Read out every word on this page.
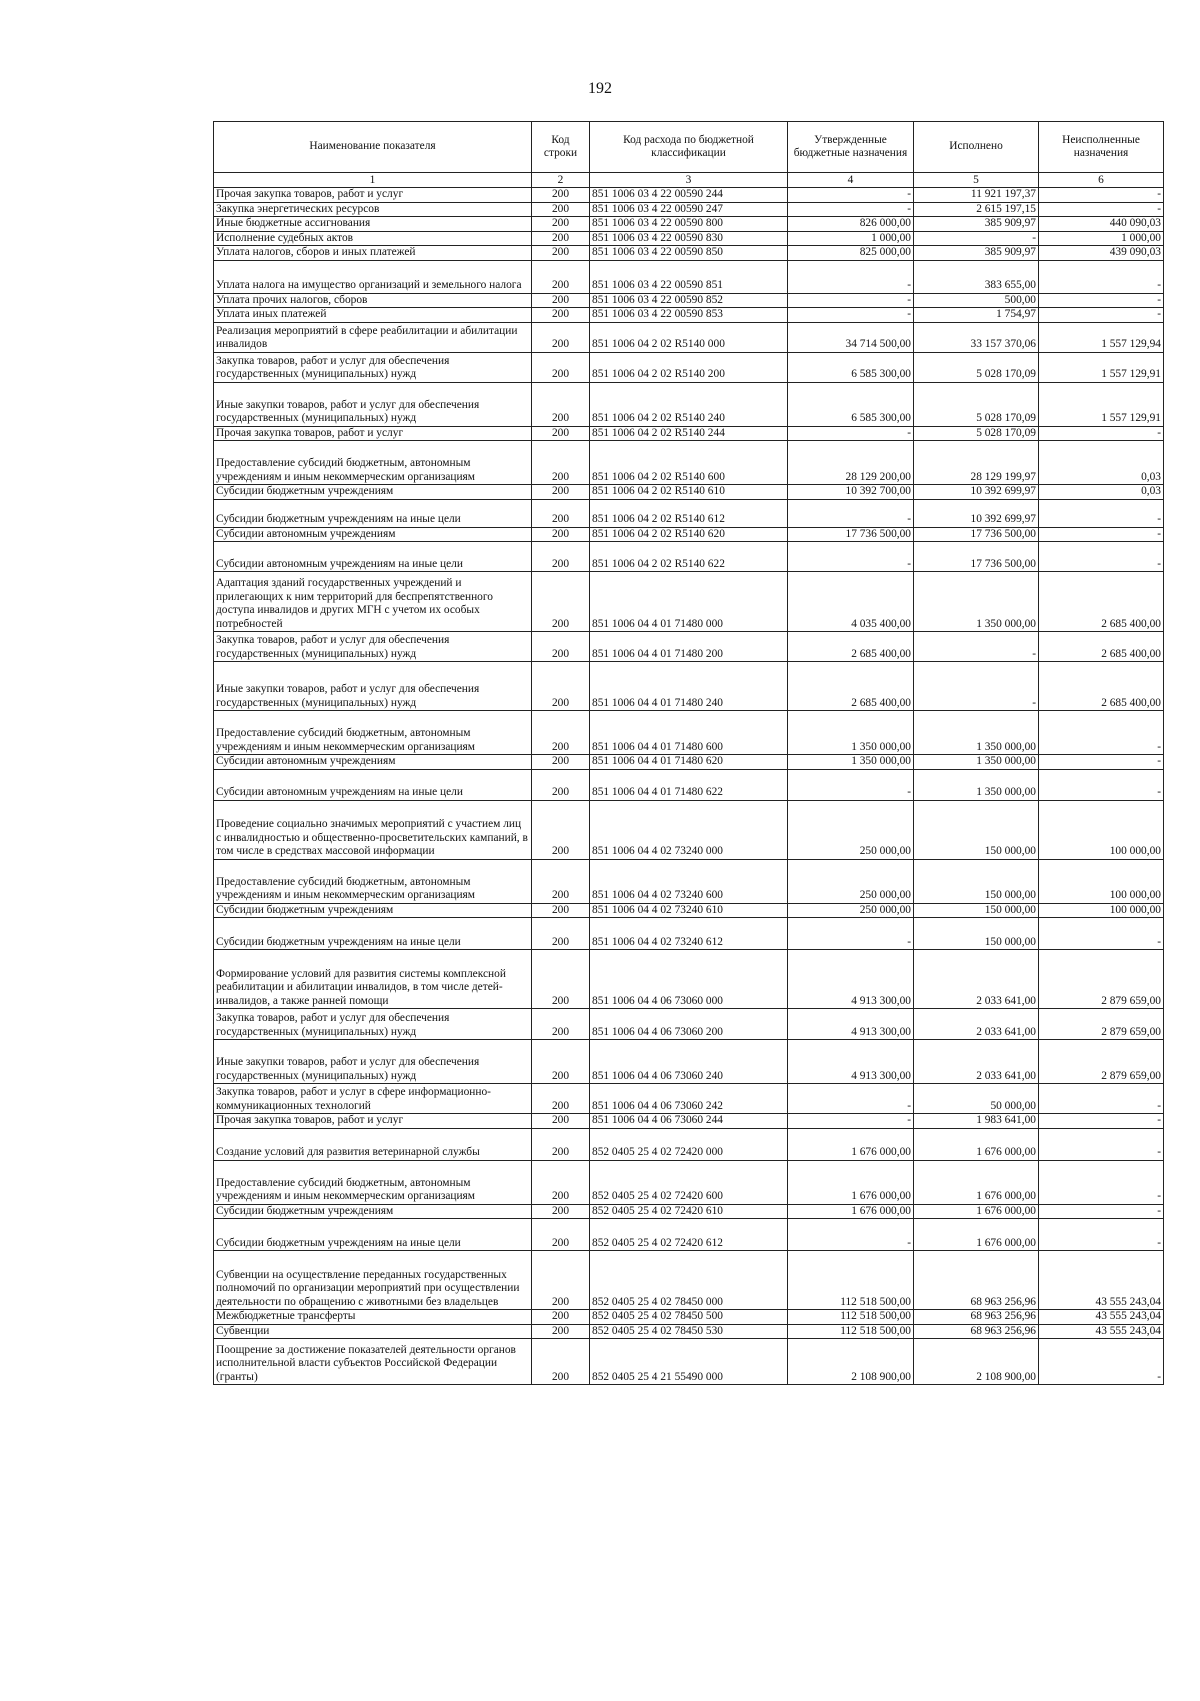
192
Наименование показателя	Код строки	Код расхода по бюджетной классификации	Утвержденные бюджетные назначения	Исполнено	Неисполненные назначения
1	2	3	4	5	6
Прочая закупка товаров, работ и услуг	200	851 1006 03 4 22 00590 244	-	11 921 197,37	-
Закупка энергетических ресурсов	200	851 1006 03 4 22 00590 247	-	2 615 197,15	-
Иные бюджетные ассигнования	200	851 1006 03 4 22 00590 800	826 000,00	385 909,97	440 090,03
Исполнение судебных актов	200	851 1006 03 4 22 00590 830	1 000,00	-	1 000,00
Уплата налогов, сборов и иных платежей	200	851 1006 03 4 22 00590 850	825 000,00	385 909,97	439 090,03
Уплата налога на имущество организаций и земельного налога	200	851 1006 03 4 22 00590 851	-	383 655,00	-
Уплата прочих налогов, сборов	200	851 1006 03 4 22 00590 852	-	500,00	-
Уплата иных платежей	200	851 1006 03 4 22 00590 853	-	1 754,97	-
Реализация мероприятий в сфере реабилитации и абилитации инвалидов	200	851 1006 04 2 02 R5140 000	34 714 500,00	33 157 370,06	1 557 129,94
Закупка товаров, работ и услуг для обеспечения государственных (муниципальных) нужд	200	851 1006 04 2 02 R5140 200	6 585 300,00	5 028 170,09	1 557 129,91
Иные закупки товаров, работ и услуг для обеспечения государственных (муниципальных) нужд	200	851 1006 04 2 02 R5140 240	6 585 300,00	5 028 170,09	1 557 129,91
Прочая закупка товаров, работ и услуг	200	851 1006 04 2 02 R5140 244	-	5 028 170,09	-
Предоставление субсидий бюджетным, автономным учреждениям и иным некоммерческим организациям	200	851 1006 04 2 02 R5140 600	28 129 200,00	28 129 199,97	0,03
Субсидии бюджетным учреждениям	200	851 1006 04 2 02 R5140 610	10 392 700,00	10 392 699,97	0,03
Субсидии бюджетным учреждениям на иные цели	200	851 1006 04 2 02 R5140 612	-	10 392 699,97	-
Субсидии автономным учреждениям	200	851 1006 04 2 02 R5140 620	17 736 500,00	17 736 500,00	-
Субсидии автономным учреждениям на иные цели	200	851 1006 04 2 02 R5140 622	-	17 736 500,00	-
Адаптация зданий государственных учреждений и прилегающих к ним территорий для беспрепятственного доступа инвалидов и других МГН с учетом их особых потребностей	200	851 1006 04 4 01 71480 000	4 035 400,00	1 350 000,00	2 685 400,00
Закупка товаров, работ и услуг для обеспечения государственных (муниципальных) нужд	200	851 1006 04 4 01 71480 200	2 685 400,00	-	2 685 400,00
Иные закупки товаров, работ и услуг для обеспечения государственных (муниципальных) нужд	200	851 1006 04 4 01 71480 240	2 685 400,00	-	2 685 400,00
Предоставление субсидий бюджетным, автономным учреждениям и иным некоммерческим организациям	200	851 1006 04 4 01 71480 600	1 350 000,00	1 350 000,00	-
Субсидии автономным учреждениям	200	851 1006 04 4 01 71480 620	1 350 000,00	1 350 000,00	-
Субсидии автономным учреждениям на иные цели	200	851 1006 04 4 01 71480 622	-	1 350 000,00	-
Проведение социально значимых мероприятий с участием лиц с инвалидностью и общественно-просветительских кампаний, в том числе в средствах массовой информации	200	851 1006 04 4 02 73240 000	250 000,00	150 000,00	100 000,00
Предоставление субсидий бюджетным, автономным учреждениям и иным некоммерческим организациям	200	851 1006 04 4 02 73240 600	250 000,00	150 000,00	100 000,00
Субсидии бюджетным учреждениям	200	851 1006 04 4 02 73240 610	250 000,00	150 000,00	100 000,00
Субсидии бюджетным учреждениям на иные цели	200	851 1006 04 4 02 73240 612	-	150 000,00	-
Формирование условий для развития системы комплексной реабилитации и абилитации инвалидов, в том числе детей-инвалидов, а также ранней помощи	200	851 1006 04 4 06 73060 000	4 913 300,00	2 033 641,00	2 879 659,00
Закупка товаров, работ и услуг для обеспечения государственных (муниципальных) нужд	200	851 1006 04 4 06 73060 200	4 913 300,00	2 033 641,00	2 879 659,00
Иные закупки товаров, работ и услуг для обеспечения государственных (муниципальных) нужд	200	851 1006 04 4 06 73060 240	4 913 300,00	2 033 641,00	2 879 659,00
Закупка товаров, работ и услуг в сфере информационно-коммуникационных технологий	200	851 1006 04 4 06 73060 242	-	50 000,00	-
Прочая закупка товаров, работ и услуг	200	851 1006 04 4 06 73060 244	-	1 983 641,00	-
Создание условий для развития ветеринарной службы	200	852 0405 25 4 02 72420 000	1 676 000,00	1 676 000,00	-
Предоставление субсидий бюджетным, автономным учреждениям и иным некоммерческим организациям	200	852 0405 25 4 02 72420 600	1 676 000,00	1 676 000,00	-
Субсидии бюджетным учреждениям	200	852 0405 25 4 02 72420 610	1 676 000,00	1 676 000,00	-
Субсидии бюджетным учреждениям на иные цели	200	852 0405 25 4 02 72420 612	-	1 676 000,00	-
Субвенции на осуществление переданных государственных полномочий по организации мероприятий при осуществлении деятельности по обращению с животными без владельцев	200	852 0405 25 4 02 78450 000	112 518 500,00	68 963 256,96	43 555 243,04
Межбюджетные трансферты	200	852 0405 25 4 02 78450 500	112 518 500,00	68 963 256,96	43 555 243,04
Субвенции	200	852 0405 25 4 02 78450 530	112 518 500,00	68 963 256,96	43 555 243,04
Поощрение за достижение показателей деятельности органов исполнительной власти субъектов Российской Федерации (гранты)	200	852 0405 25 4 21 55490 000	2 108 900,00	2 108 900,00	-
